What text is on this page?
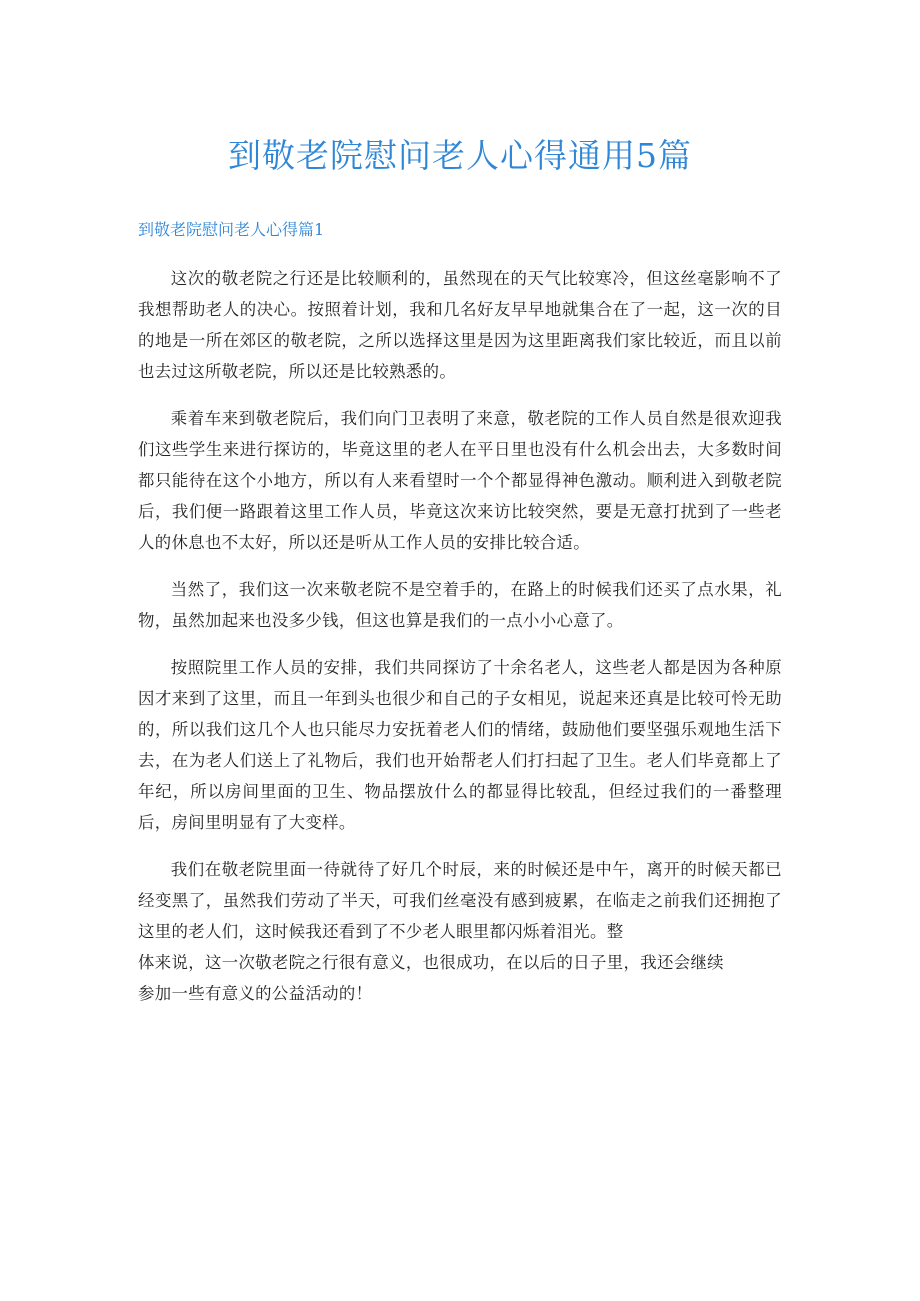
到敬老院慰问老人心得通用5篇
到敬老院慰问老人心得篇1

这次的敬老院之行还是比较顺利的，虽然现在的天气比较寒冷，但这丝毫影响不了我想帮助老人的决心。按照着计划，我和几名好友早早地就集合在了一起，这一次的目的地是一所在郊区的敬老院，之所以选择这里是因为这里距离我们家比较近，而且以前也去过这所敬老院，所以还是比较熟悉的。

乘着车来到敬老院后，我们向门卫表明了来意，敬老院的工作人员自然是很欢迎我们这些学生来进行探访的，毕竟这里的老人在平日里也没有什么机会出去，大多数时间都只能待在这个小地方，所以有人来看望时一个个都显得神色激动。顺利进入到敬老院后，我们便一路跟着这里工作人员，毕竟这次来访比较突然，要是无意打扰到了一些老人的休息也不太好，所以还是听从工作人员的安排比较合适。

当然了，我们这一次来敬老院不是空着手的，在路上的时候我们还买了点水果，礼物，虽然加起来也没多少钱，但这也算是我们的一点小小心意了。

按照院里工作人员的安排，我们共同探访了十余名老人，这些老人都是因为各种原因才来到了这里，而且一年到头也很少和自己的子女相见，说起来还真是比较可怜无助的，所以我们这几个人也只能尽力安抚着老人们的情绪，鼓励他们要坚强乐观地生活下去，在为老人们送上了礼物后，我们也开始帮老人们打扫起了卫生。老人们毕竟都上了年纪，所以房间里面的卫生、物品摆放什么的都显得比较乱，但经过我们的一番整理后，房间里明显有了大变样。

我们在敬老院里面一待就待了好几个时辰，来的时候还是中午，离开的时候天都已经变黑了，虽然我们劳动了半天，可我们丝毫没有感到疲累，在临走之前我们还拥抱了这里的老人们，这时候我还看到了不少老人眼里都闪烁着泪光。整

体来说，这一次敬老院之行很有意义，也很成功，在以后的日子里，我还会继续

参加一些有意义的公益活动的！
